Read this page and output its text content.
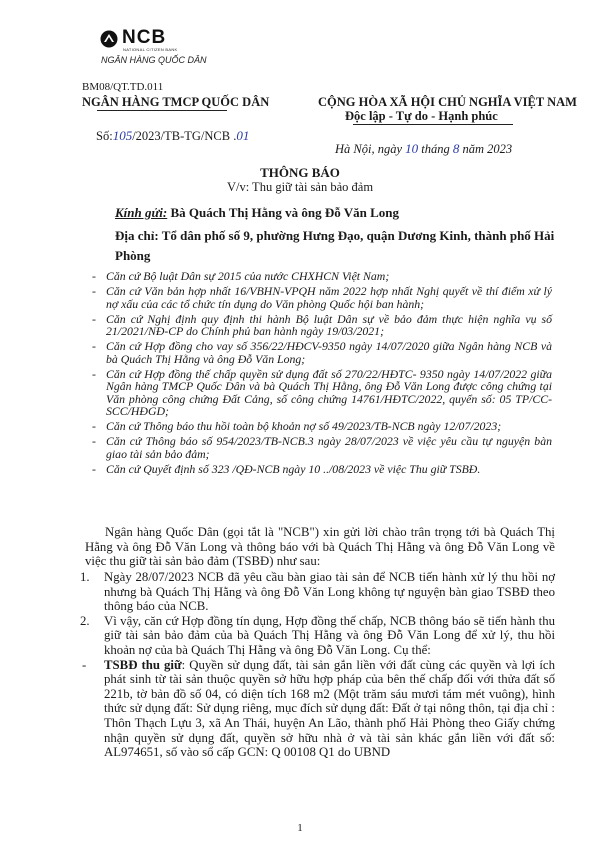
NCB
NATIONAL CITIZEN BANK
NGÂN HÀNG QUỐC DÂN
BM08/QT.TD.011
NGÂN HÀNG TMCP QUỐC DÂN	CỘNG HÒA XÃ HỘI CHỦ NGHĨA VIỆT NAM
Độc lập - Tự do - Hạnh phúc
Số:105/2023/TB-TG/NCB .01
Hà Nội, ngày 10 tháng 8 năm 2023
THÔNG BÁO
V/v: Thu giữ tài sản bảo đảm
Kính gửi: Bà Quách Thị Hằng và ông Đỗ Văn Long
Địa chỉ: Tổ dân phố số 9, phường Hưng Đạo, quận Dương Kinh, thành phố Hải Phòng
- Căn cứ Bộ luật Dân sự 2015 của nước CHXHCN Việt Nam;
- Căn cứ Văn bản hợp nhất 16/VBHN-VPQH năm 2022 hợp nhất Nghị quyết về thí điểm xử lý nợ xấu của các tổ chức tín dụng do Văn phòng Quốc hội ban hành;
- Căn cứ Nghị định quy định thi hành Bộ luật Dân sự về bảo đảm thực hiện nghĩa vụ số 21/2021/NĐ-CP do Chính phủ ban hành ngày 19/03/2021;
- Căn cứ Hợp đồng cho vay số 356/22/HĐCV-9350 ngày 14/07/2020 giữa Ngân hàng NCB và bà Quách Thị Hằng và ông Đỗ Văn Long;
- Căn cứ Hợp đồng thế chấp quyền sử dụng đất số 270/22/HĐTC- 9350 ngày 14/07/2022 giữa Ngân hàng TMCP Quốc Dân và bà Quách Thị Hằng, ông Đỗ Văn Long được công chứng tại Văn phòng công chứng Đất Cảng, số công chứng 14761/HĐTC/2022, quyển số: 05 TP/CC-SCC/HĐGD;
- Căn cứ Thông báo thu hồi toàn bộ khoản nợ số 49/2023/TB-NCB ngày 12/07/2023;
- Căn cứ Thông báo số 954/2023/TB-NCB.3 ngày 28/07/2023 về việc yêu cầu tự nguyện bàn giao tài sản bảo đảm;
- Căn cứ Quyết định số 323 /QĐ-NCB ngày 10 ../08/2023 về việc Thu giữ TSBĐ.

Ngân hàng Quốc Dân (gọi tắt là "NCB") xin gửi lời chào trân trọng tới bà Quách Thị Hằng và ông Đỗ Văn Long và thông báo với bà Quách Thị Hằng và ông Đỗ Văn Long về việc thu giữ tài sản bảo đảm (TSBĐ) như sau:

1. Ngày 28/07/2023 NCB đã yêu cầu bàn giao tài sản để NCB tiến hành xử lý thu hồi nợ nhưng bà Quách Thị Hằng và ông Đỗ Văn Long không tự nguyện bàn giao TSBĐ theo thông báo của NCB.
2. Vì vậy, căn cứ Hợp đồng tín dụng, Hợp đồng thế chấp, NCB thông báo sẽ tiến hành thu giữ tài sản bảo đảm của bà Quách Thị Hằng và ông Đỗ Văn Long để xử lý, thu hồi khoản nợ của bà Quách Thị Hằng và ông Đỗ Văn Long. Cụ thể:
- TSBĐ thu giữ: Quyền sử dụng đất, tài sản gắn liền với đất cùng các quyền và lợi ích phát sinh từ tài sản thuộc quyền sở hữu hợp pháp của bên thế chấp đối với thửa đất số 221b, tờ bản đồ số 04, có diện tích 168 m2 (Một trăm sáu mươi tám mét vuông), hình thức sử dụng đất: Sử dụng riêng, mục đích sử dụng đất: Đất ở tại nông thôn, tại địa chỉ : Thôn Thạch Lựu 3, xã An Thái, huyện An Lão, thành phố Hải Phòng theo Giấy chứng nhận quyền sử dụng đất, quyền sở hữu nhà ở và tài sản khác gắn liền với đất số: AL974651, số vào sổ cấp GCN: Q 00108 Q1 do UBND
1
